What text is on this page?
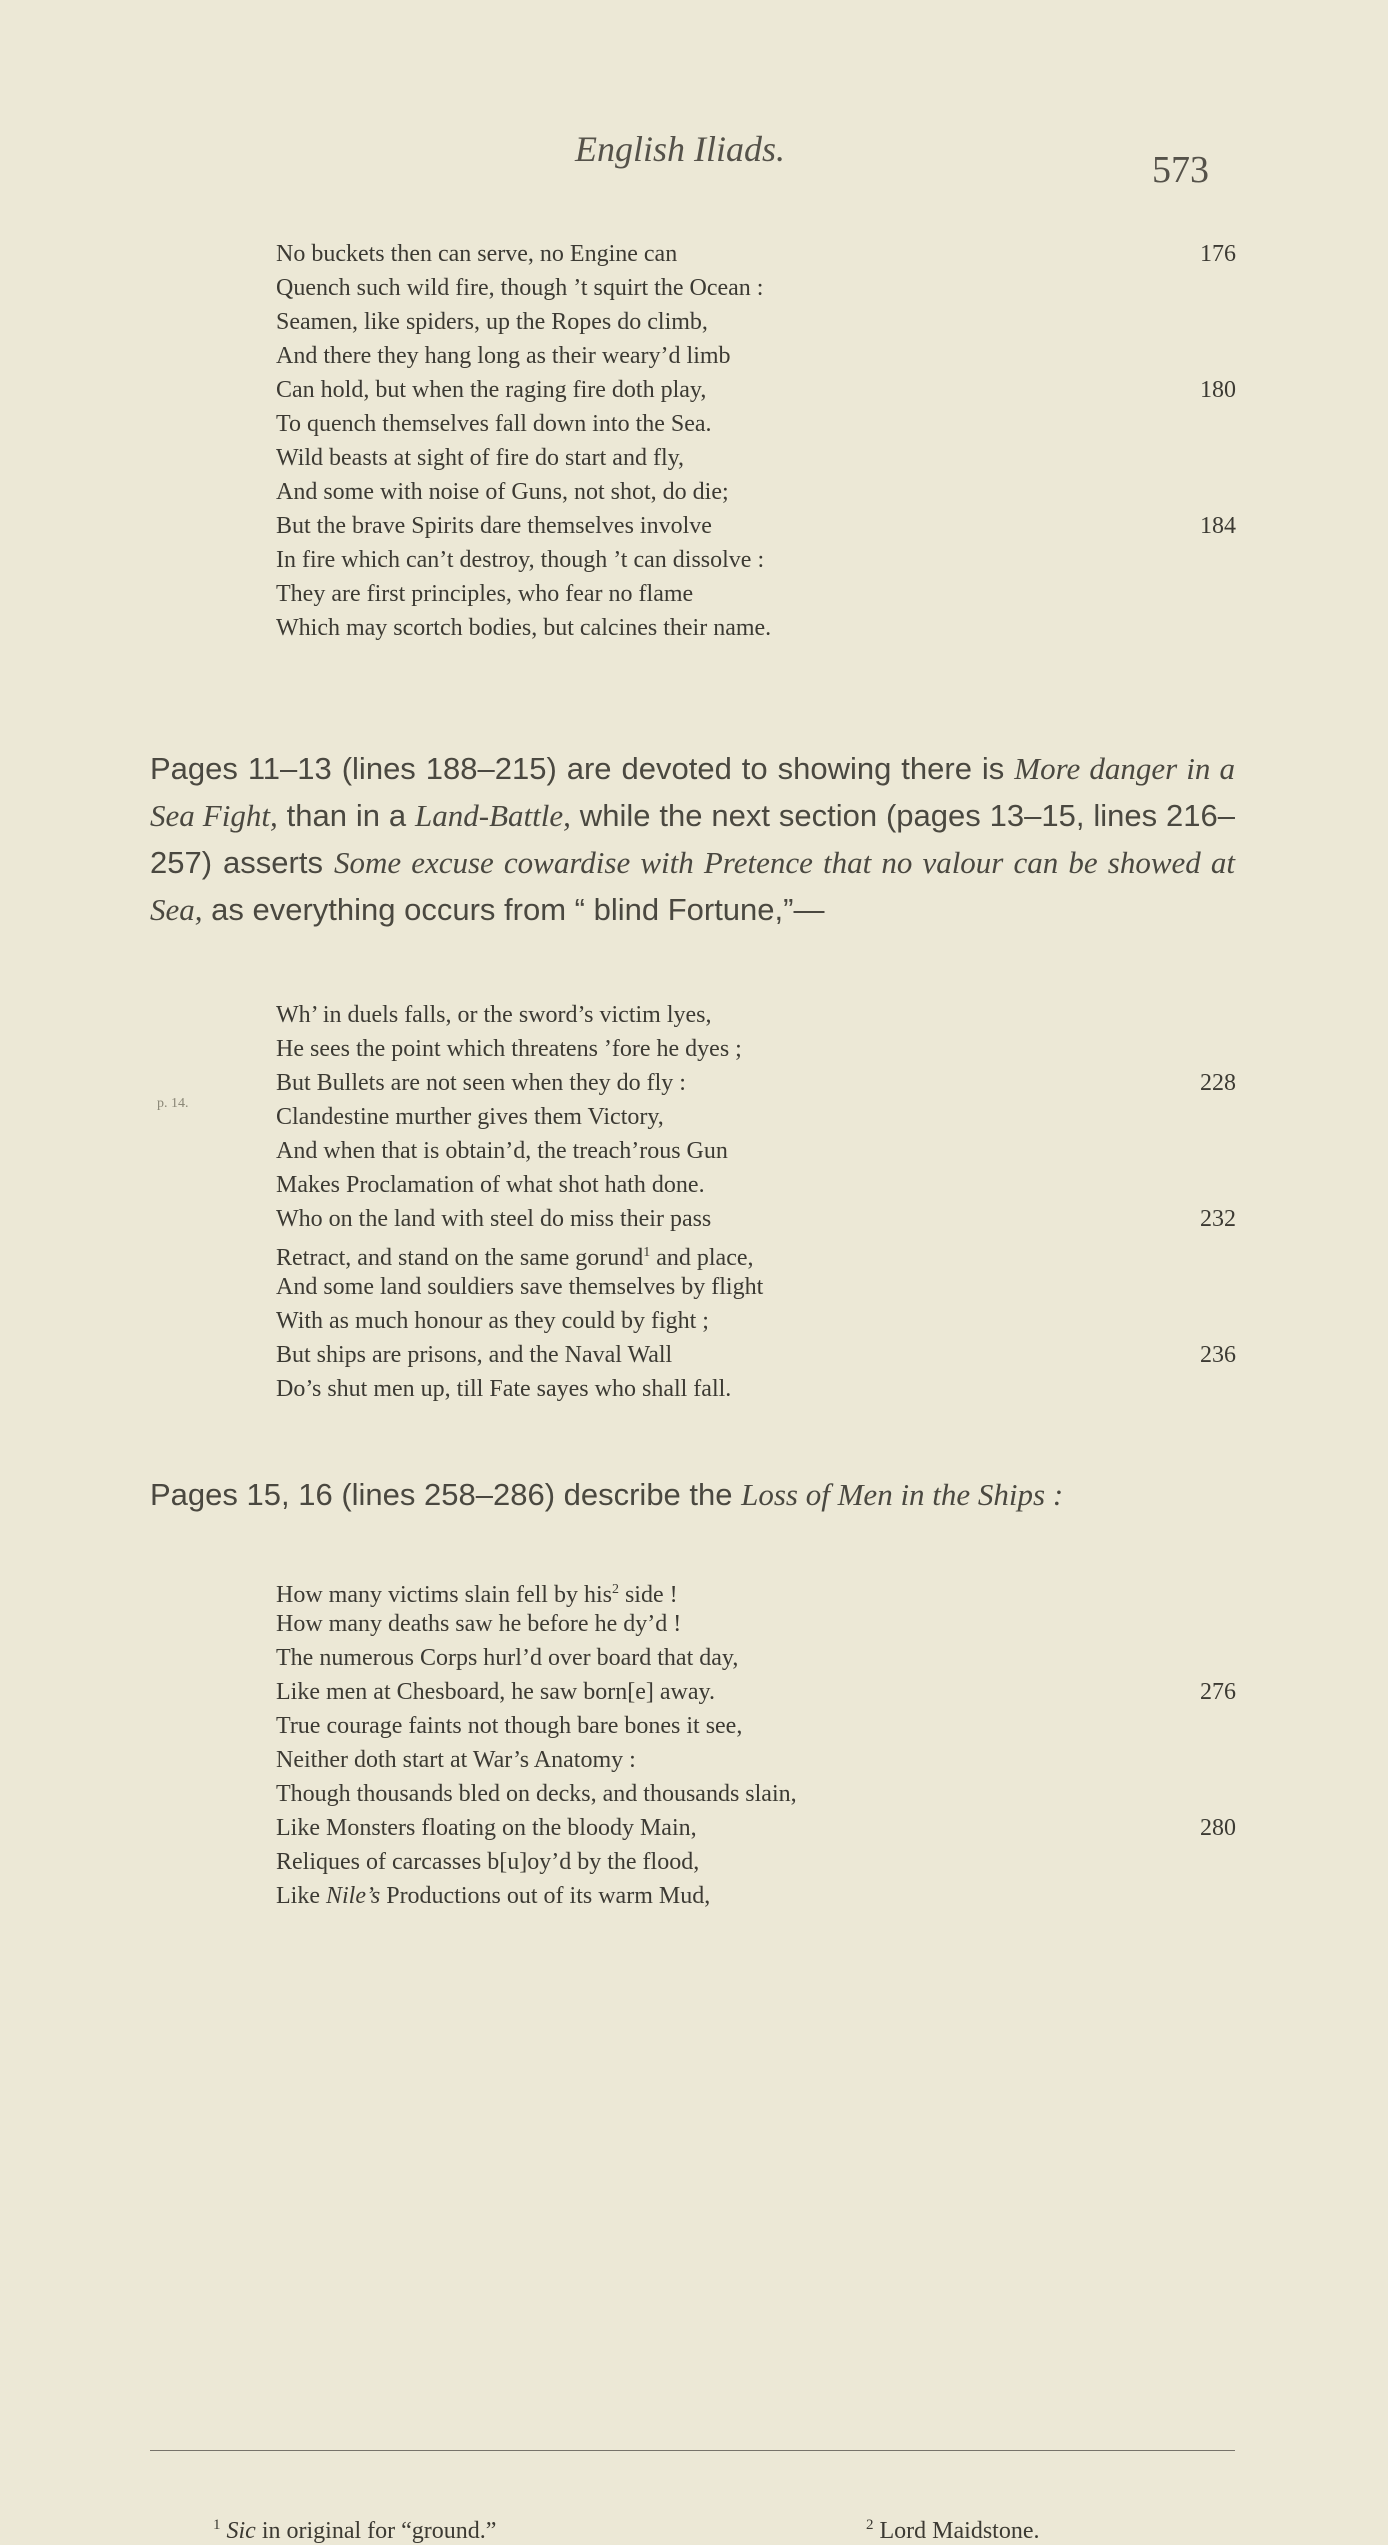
English Iliads.	573
No buckets then can serve, no Engine can	176
Quench such wild fire, though ’t squirt the Ocean :
Seamen, like spiders, up the Ropes do climb,
And there they hang long as their weary’d limb
Can hold, but when the raging fire doth play,	180
To quench themselves fall down into the Sea.
Wild beasts at sight of fire do start and fly,
And some with noise of Guns, not shot, do die;
But the brave Spirits dare themselves involve	184
In fire which can’t destroy, though ’t can dissolve :
They are first principles, who fear no flame
Which may scortch bodies, but calcines their name.
Pages 11–13 (lines 188–215) are devoted to showing there is More danger in a Sea Fight, than in a Land-Battle, while the next section (pages 13–15, lines 216–257) asserts Some excuse cowardise with Pretence that no valour can be showed at Sea, as everything occurs from “ blind Fortune,”—
Wh’ in duels falls, or the sword’s victim lyes,
He sees the point which threatens ’fore he dyes ;
But Bullets are not seen when they do fly :	228
Clandestine murther gives them Victory,
And when that is obtain’d, the treach’rous Gun
Makes Proclamation of what shot hath done.
Who on the land with steel do miss their pass	232
Retract, and stand on the same gorund$^1$ and place,
And some land souldiers save themselves by flight
With as much honour as they could by fight ;
But ships are prisons, and the Naval Wall	236
Do’s shut men up, till Fate sayes who shall fall.
p. 14.
Pages 15, 16 (lines 258–286) describe the Loss of Men in the Ships :
How many victims slain fell by his$^2$ side !
How many deaths saw he before he dy’d !
The numerous Corps hurl’d over board that day,
Like men at Chesboard, he saw born[e] away.	276
True courage faints not though bare bones it see,
Neither doth start at War’s Anatomy :
Though thousands bled on decks, and thousands slain,
Like Monsters floating on the bloody Main,	280
Reliques of carcasses b[u]oy’d by the flood,
Like Nile’s Productions out of its warm Mud,
$^1$ Sic in original for “ground.”	$^2$ Lord Maidstone.
